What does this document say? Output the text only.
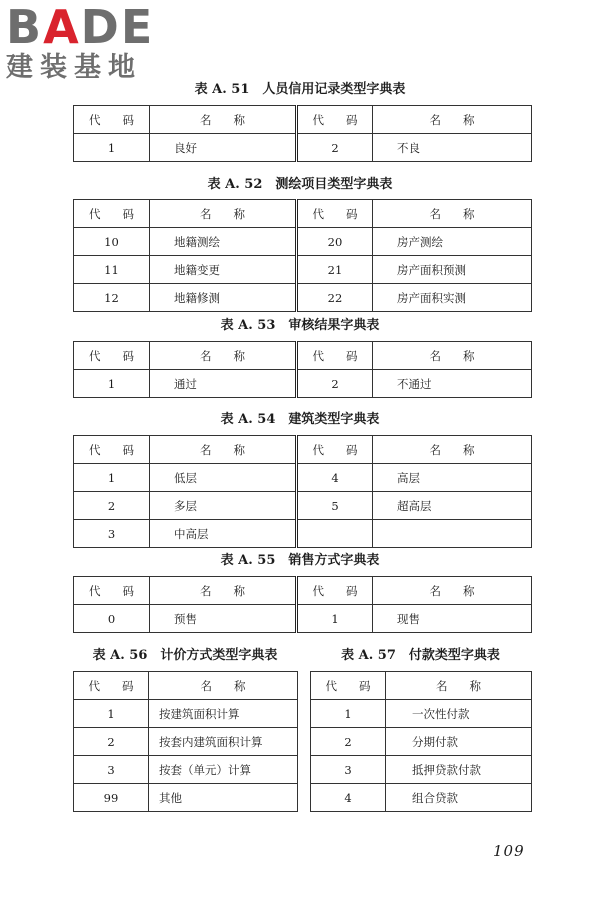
BADE
建装基地
表 A. 51　人员信用记录类型字典表
代 码	名 称	代 码	名 称
1	良好	2	不良
表 A. 52　测绘项目类型字典表
代 码	名 称	代 码	名 称
10	地籍测绘	20	房产测绘
11	地籍变更	21	房产面积预测
12	地籍修测	22	房产面积实测
表 A. 53　审核结果字典表
代 码	名 称	代 码	名 称
1	通过	2	不通过
表 A. 54　建筑类型字典表
代 码	名 称	代 码	名 称
1	低层	4	高层
2	多层	5	超高层
3	中高层		
表 A. 55　销售方式字典表
代 码	名 称	代 码	名 称
0	预售	1	现售
表 A. 56　计价方式类型字典表
代 码	名 称
1	按建筑面积计算
2	按套内建筑面积计算
3	按套（单元）计算
99	其他
表 A. 57　付款类型字典表
代 码	名 称
1	一次性付款
2	分期付款
3	抵押贷款付款
4	组合贷款
109
